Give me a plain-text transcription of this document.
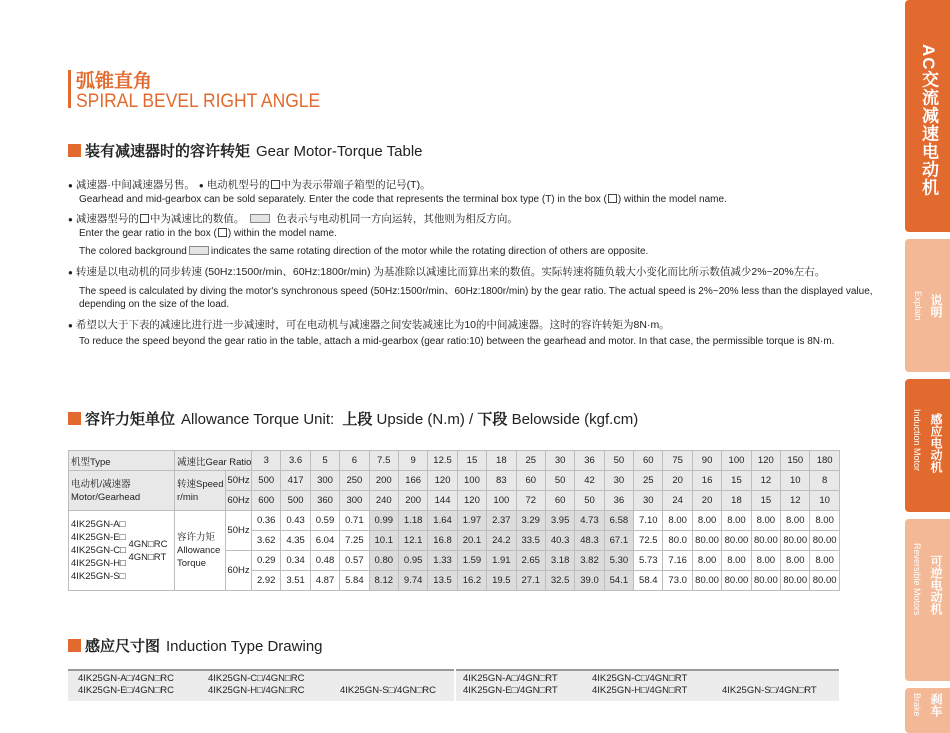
弧锥直角
SPIRAL BEVEL RIGHT ANGLE
装有减速器时的容许转矩 Gear Motor-Torque Table
● 减速器·中间减速器另售。 ● 电动机型号的 中为表示带端子箱型的记号(T)。
Gearhead and mid-gearbox can be sold separately. Enter the code that represents the terminal box type (T) in the box ( ) within the model name.
● 减速器型号的 中为减速比的数值。	色表示与电动机同一方向运转，其他则为相反方向。
Enter the gear ratio in the box ( ) within the model name.
The colored background indicates the same rotating direction of the motor while the rotating direction of others are opposite.
● 转速是以电动机的同步转速 (50Hz:1500r/min、60Hz:1800r/min) 为基准除以减速比而算出来的数值。实际转速将随负载大小变化而比所示数值减少2%~20%左右。
The speed is calculated by diving the motor's synchronous speed (50Hz:1500r/min、60Hz:1800r/min) by the gear ratio. The actual speed is 2%~20% less than the displayed value,
depending on the size of the load.
● 希望以大于下表的减速比进行进一步减速时，可在电动机与减速器之间安装减速比为10的中间减速器。这时的容许转矩为8N·m。
To reduce the speed beyond the gear ratio in the table, attach a mid-gearbox (gear ratio:10) between the gearhead and motor. In that case, the permissible torque is 8N·m.
容许力矩单位 Allowance Torque Unit: 上段 Upside (N.m) / 下段 Belowside (kgf.cm)
机型Type		减速比Gear Ratio		3	3.6	5	6	7.5	9	12.5	15	18	25	30	36	50	60	75	90	100	120	150	180

电动机/减速器
Motor/Gearhead		转速Speed
r/min	50Hz	500	417	300	250	200	166	120	100	83	60	50	42	30	25	20	16	15	12	10	8
			60Hz	600	500	360	300	240	200	144	120	100	72	60	50	36	30	24	20	18	15	12	10

4IK25GN-A□
4IK25GN-E□
4IK25GN-C□
4IK25GN-H□
4IK25GN-S□	4GN□RC
4GN□RT	容许力矩
Allowance
Torque	50Hz	0.36	0.43	0.59	0.71	0.99	1.18	1.64	1.97	2.37	3.29	3.95	4.73	6.58	7.10	8.00	8.00	8.00	8.00	8.00	8.00
				3.62	4.35	6.04	7.25	10.1	12.1	16.8	20.1	24.2	33.5	40.3	48.3	67.1	72.5	80.0	80.00	80.00	80.00	80.00	80.00
			60Hz	0.29	0.34	0.48	0.57	0.80	0.95	1.33	1.59	1.91	2.65	3.18	3.82	5.30	5.73	7.16	8.00	8.00	8.00	8.00	8.00
				2.92	3.51	4.87	5.84	8.12	9.74	13.5	16.2	19.5	27.1	32.5	39.0	54.1	58.4	73.0	80.00	80.00	80.00	80.00	80.00
感应尺寸图 Induction Type Drawing
4IK25GN-A□/4GN□RC
4IK25GN-E□/4GN□RC
4IK25GN-C□/4GN□RC
4IK25GN-H□/4GN□RC	4IK25GN-S□/4GN□RC
4IK25GN-A□/4GN□RT
4IK25GN-E□/4GN□RT
4IK25GN-C□/4GN□RT
4IK25GN-H□/4GN□RT	4IK25GN-S□/4GN□RT
AC交流减速电动机
说明
Explain
感应电动机
Induction Motor
可逆电动机
Reversible Motors
刹车
Brake
